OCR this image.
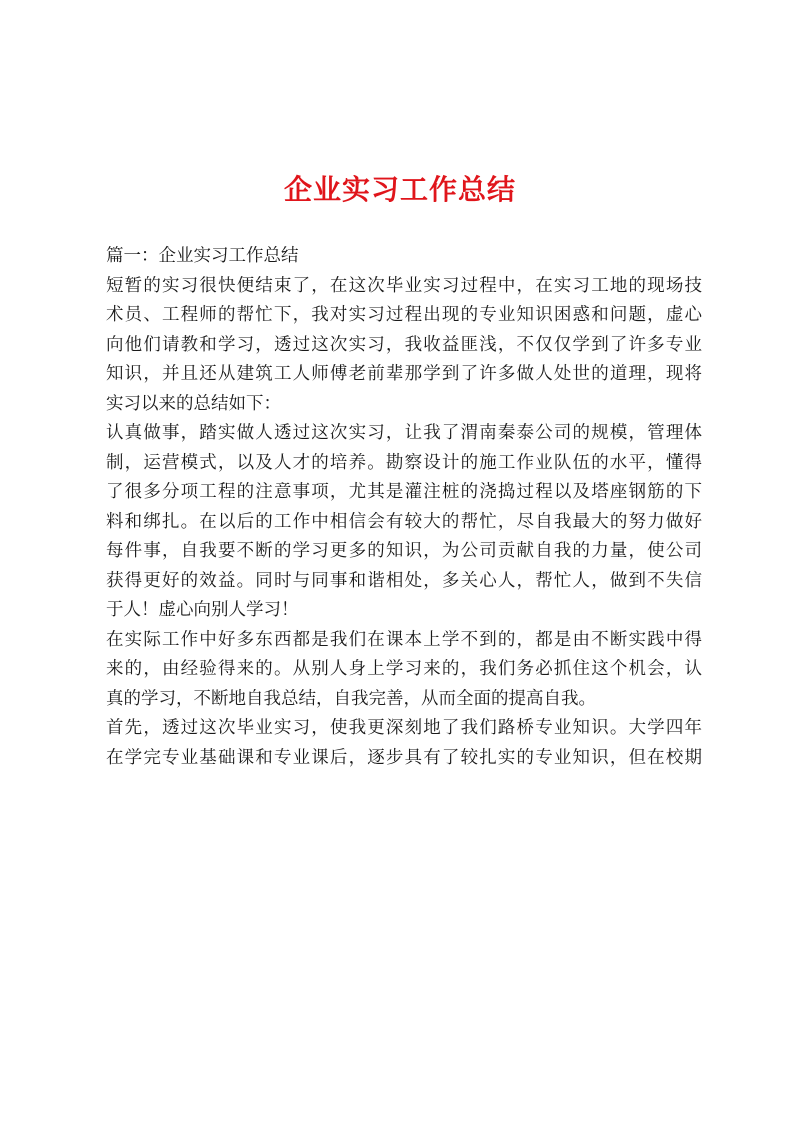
企业实习工作总结
篇一：企业实习工作总结
短暂的实习很快便结束了，在这次毕业实习过程中，在实习工地的现场技
术员、工程师的帮忙下，我对实习过程出现的专业知识困惑和问题，虚心
向他们请教和学习，透过这次实习，我收益匪浅，不仅仅学到了许多专业
知识，并且还从建筑工人师傅老前辈那学到了许多做人处世的道理，现将
实习以来的总结如下：
认真做事，踏实做人透过这次实习，让我了渭南秦泰公司的规模，管理体
制，运营模式，以及人才的培养。勘察设计的施工作业队伍的水平，懂得
了很多分项工程的注意事项，尤其是灌注桩的浇捣过程以及塔座钢筋的下
料和绑扎。在以后的工作中相信会有较大的帮忙，尽自我最大的努力做好
每件事，自我要不断的学习更多的知识，为公司贡献自我的力量，使公司
获得更好的效益。同时与同事和谐相处，多关心人，帮忙人，做到不失信
于人！虚心向别人学习！
在实际工作中好多东西都是我们在课本上学不到的，都是由不断实践中得
来的，由经验得来的。从别人身上学习来的，我们务必抓住这个机会，认
真的学习，不断地自我总结，自我完善，从而全面的提高自我。
首先，透过这次毕业实习，使我更深刻地了我们路桥专业知识。大学四年
在学完专业基础课和专业课后，逐步具有了较扎实的专业知识，但在校期
